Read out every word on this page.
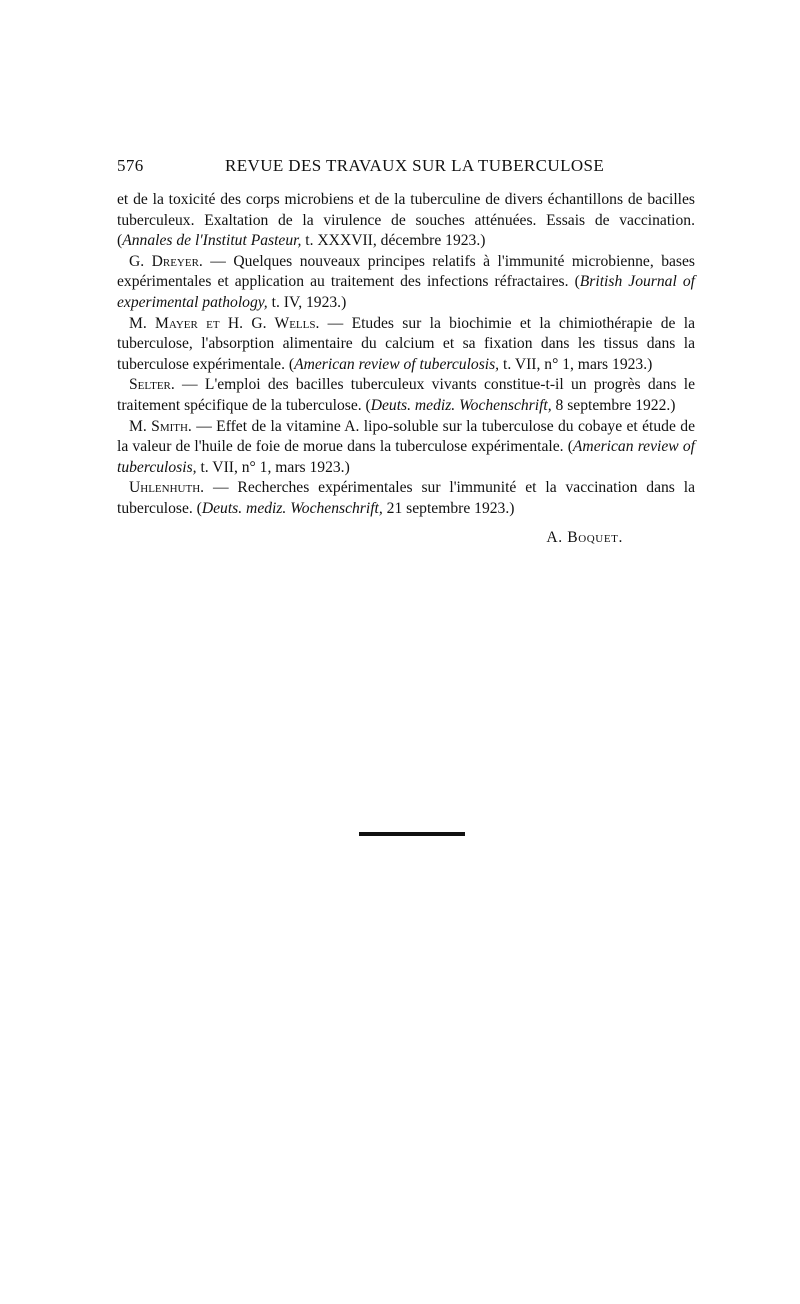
576	REVUE DES TRAVAUX SUR LA TUBERCULOSE

et de la toxicité des corps microbiens et de la tuberculine de divers échantillons de bacilles tuberculeux. Exaltation de la virulence de souches atténuées. Essais de vaccination. (Annales de l'Institut Pasteur, t. XXXVII, décembre 1923.)

G. Dreyer. — Quelques nouveaux principes relatifs à l'immunité microbienne, bases expérimentales et application au traitement des infections réfractaires. (British Journal of experimental pathology, t. IV, 1923.)

M. Mayer et H. G. Wells. — Etudes sur la biochimie et la chimiothérapie de la tuberculose, l'absorption alimentaire du calcium et sa fixation dans les tissus dans la tuberculose expérimentale. (American review of tuberculosis, t. VII, n° 1, mars 1923.)

Selter. — L'emploi des bacilles tuberculeux vivants constitue-t-il un progrès dans le traitement spécifique de la tuberculose. (Deuts. mediz. Wochenschrift, 8 septembre 1922.)

M. Smith. — Effet de la vitamine A. lipo-soluble sur la tuberculose du cobaye et étude de la valeur de l'huile de foie de morue dans la tuberculose expérimentale. (American review of tuberculosis, t. VII, n° 1, mars 1923.)

Uhlenhuth. — Recherches expérimentales sur l'immunité et la vaccination dans la tuberculose. (Deuts. mediz. Wochenschrift, 21 septembre 1923.)

A. Boquet.
